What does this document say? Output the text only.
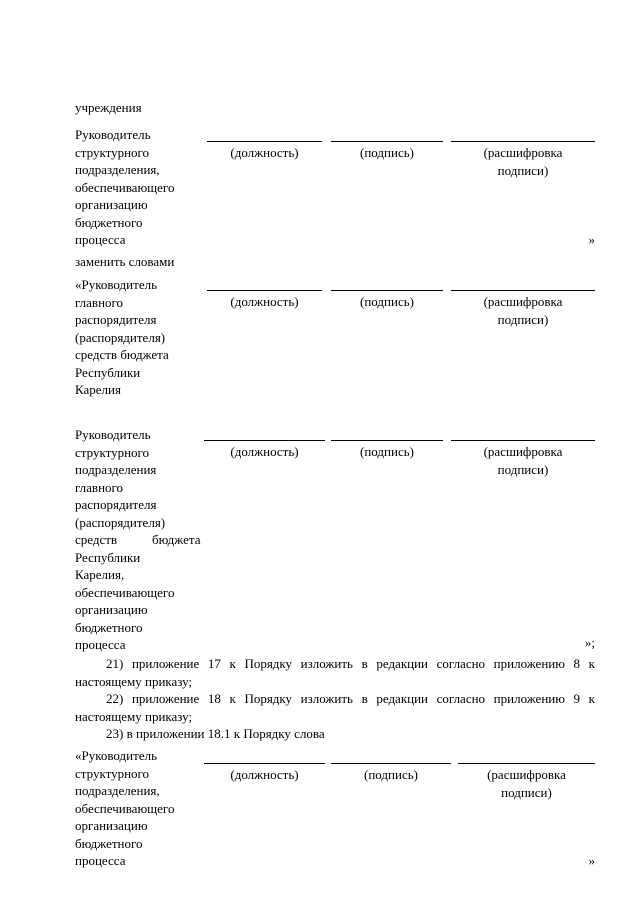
учреждения
Руководитель
структурного
подразделения,
обеспечивающего
организацию
бюджетного
процесса
(должность)	(подпись)	(расшифровка
подписи)
»
заменить словами
«Руководитель
главного
распорядителя
(распорядителя)
средств бюджета
Республики
Карелия
(должность)	(подпись)	(расшифровка
подписи)
Руководитель
структурного
подразделения
главного
распорядителя
(распорядителя)
средств	бюджета
Республики
Карелия,
обеспечивающего
организацию
бюджетного
процесса
(должность)	(подпись)	(расшифровка
подписи)
»;
21) приложение 17 к Порядку изложить в редакции согласно приложению 8 к настоящему приказу;
22) приложение 18 к Порядку изложить в редакции согласно приложению 9 к настоящему приказу;
23) в приложении 18.1 к Порядку слова
«Руководитель
структурного
подразделения,
обеспечивающего
организацию
бюджетного
процесса
(должность)	(подпись)	(расшифровка
подписи)
»
